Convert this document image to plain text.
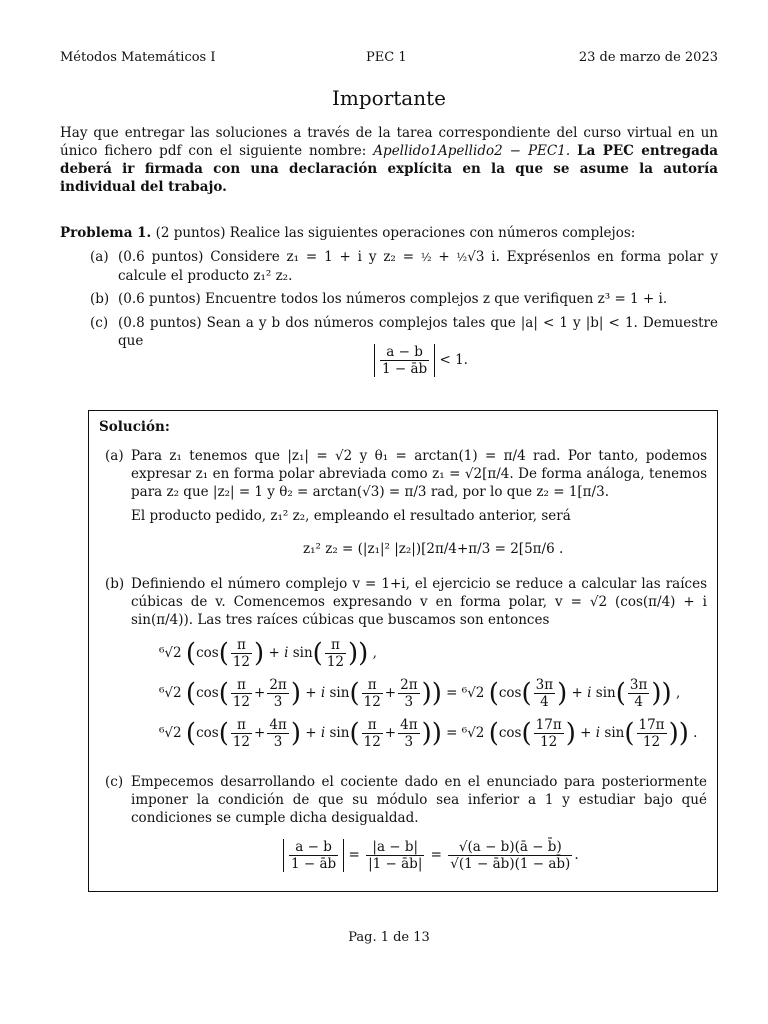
Métodos Matemáticos I	PEC 1	23 de marzo de 2023
Importante
Hay que entregar las soluciones a través de la tarea correspondiente del curso virtual en un único fichero pdf con el siguiente nombre: Apellido1Apellido2 − PEC1. La PEC entregada deberá ir firmada con una declaración explícita en la que se asume la autoría individual del trabajo.
Problema 1. (2 puntos) Realice las siguientes operaciones con números complejos:
(a) (0.6 puntos) Considere z₁ = 1 + i y z₂ = ½ + ½√3 i. Exprésenlos en forma polar y calcule el producto z₁² z₂.
(b) (0.6 puntos) Encuentre todos los números complejos z que verifiquen z³ = 1 + i.
(c) (0.8 puntos) Sean a y b dos números complejos tales que |a| < 1 y |b| < 1. Demuestre que
$\frac{a - b}{1 - āb} < 1$.
Solución:
(a) Para z₁ tenemos que |z₁| = √2 y θ₁ = arctan(1) = π/4 rad. Por tanto, podemos expresar z₁ en forma polar abreviada como z₁ = √2[π/4. De forma análoga, tenemos para z₂ que |z₂| = 1 y θ₂ = arctan(√3) = π/3 rad, por lo que z₂ = 1[π/3.
El producto pedido, z₁² z₂, empleando el resultado anterior, será
z₁² z₂ = (|z₁|² |z₂|)[2π/4+π/3 = 2[5π/6 .
(b) Definiendo el número complejo v = 1+i, el ejercicio se reduce a calcular las raíces cúbicas de v. Comencemos expresando v en forma polar, v = √2 (cos(π/4) + i sin(π/4)). Las tres raíces cúbicas que buscamos son entonces
⁶√2 ($\cos( \frac{\pi}{12}$ ) + i $\sin( \frac{\pi}{12}$ )) ,
⁶√2 ($\cos( \frac{\pi}{12} + \frac{2\pi}{3}$ ) + i $\sin( \frac{\pi}{12} + \frac{2\pi}{3}$ )) = ⁶√2 ($\cos( \frac{3\pi}{4}$ ) + i $\sin( \frac{3\pi}{4}$ )) ,
⁶√2 ($\cos( \frac{\pi}{12} + \frac{4\pi}{3}$ ) + i $\sin( \frac{\pi}{12} + \frac{4\pi}{3}$ )) = ⁶√2 ($\cos( \frac{17\pi}{12}$ ) + i $\sin( \frac{17\pi}{12}$ )) .
(c) Empecemos desarrollando el cociente dado en el enunciado para posteriormente imponer la condición de que su módulo sea inferior a 1 y estudiar bajo qué condiciones se cumple dicha desigualdad.
$\frac{a - b}{1 - āb} = \frac{|a - b|}{|1 - āb|} = \frac{√(a - b)(ā - b̄)}{√(1 - āb)(1 - ab̄)}$ .
Pag. 1 de 13
